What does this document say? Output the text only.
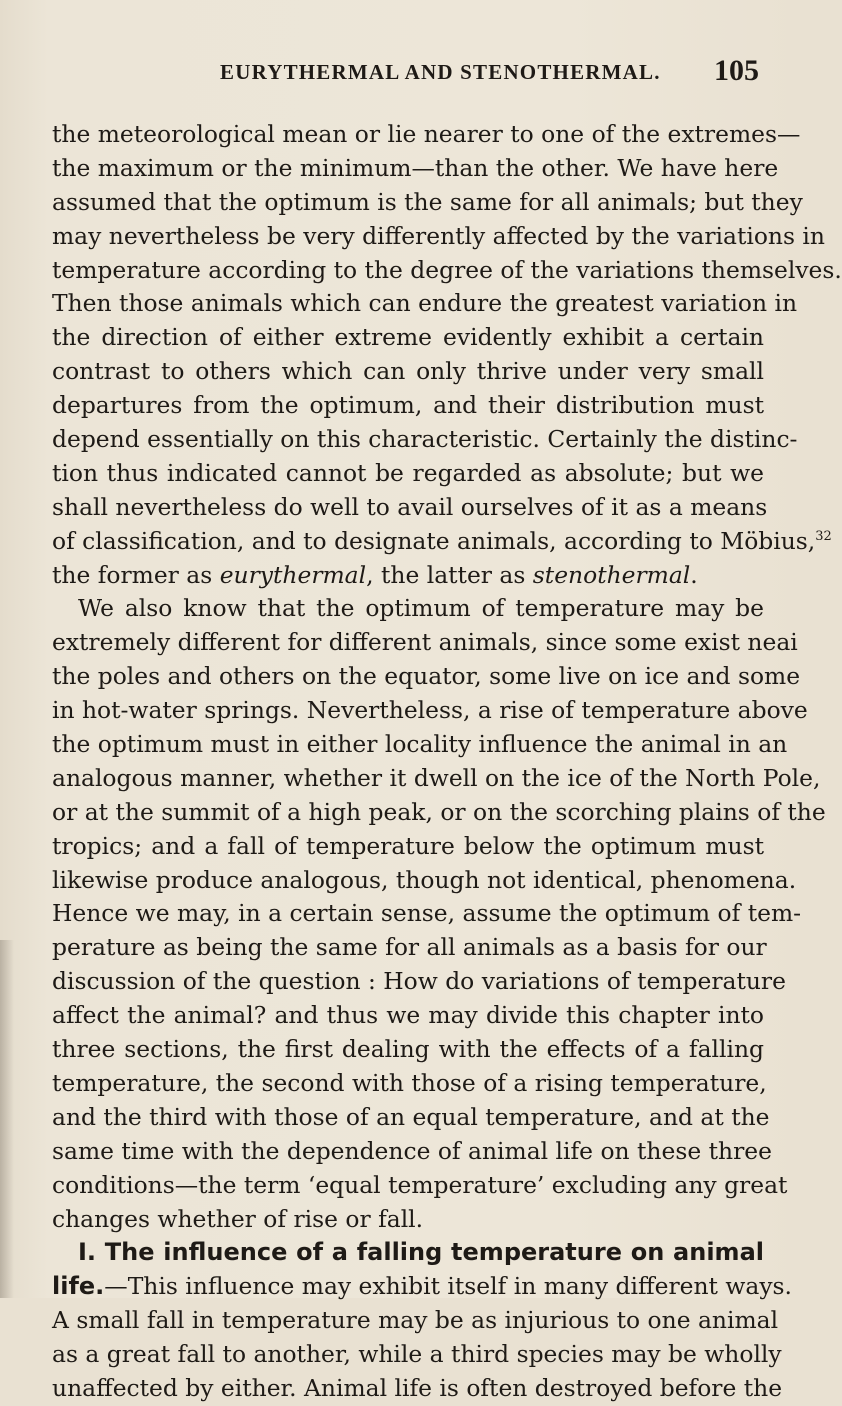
EURYTHERMAL AND STENOTHERMAL. 105
the meteorological mean or lie nearer to one of the extremes—
the maximum or the minimum—than the other. We have here
assumed that the optimum is the same for all animals; but they
may nevertheless be very differently affected by the variations in
temperature according to the degree of the variations themselves.
Then those animals which can endure the greatest variation in
the direction of either extreme evidently exhibit a certain
contrast to others which can only thrive under very small
departures from the optimum, and their distribution must
depend essentially on this characteristic. Certainly the distinc-
tion thus indicated cannot be regarded as absolute; but we
shall nevertheless do well to avail ourselves of it as a means
of classification, and to designate animals, according to Möbius,$^{32}$
the former as eurythermal, the latter as stenothermal.
We also know that the optimum of temperature may be
extremely different for different animals, since some exist neai
the poles and others on the equator, some live on ice and some
in hot-water springs. Nevertheless, a rise of temperature above
the optimum must in either locality influence the animal in an
analogous manner, whether it dwell on the ice of the North Pole,
or at the summit of a high peak, or on the scorching plains of the
tropics; and a fall of temperature below the optimum must
likewise produce analogous, though not identical, phenomena.
Hence we may, in a certain sense, assume the optimum of tem-
perature as being the same for all animals as a basis for our
discussion of the question : How do variations of temperature
affect the animal? and thus we may divide this chapter into
three sections, the first dealing with the effects of a falling
temperature, the second with those of a rising temperature,
and the third with those of an equal temperature, and at the
same time with the dependence of animal life on these three
conditions—the term ‘equal temperature’ excluding any great
changes whether of rise or fall.
I. The influence of a falling temperature on animal
life.—This influence may exhibit itself in many different ways.
A small fall in temperature may be as injurious to one animal
as a great fall to another, while a third species may be wholly
unaffected by either. Animal life is often destroyed before the
